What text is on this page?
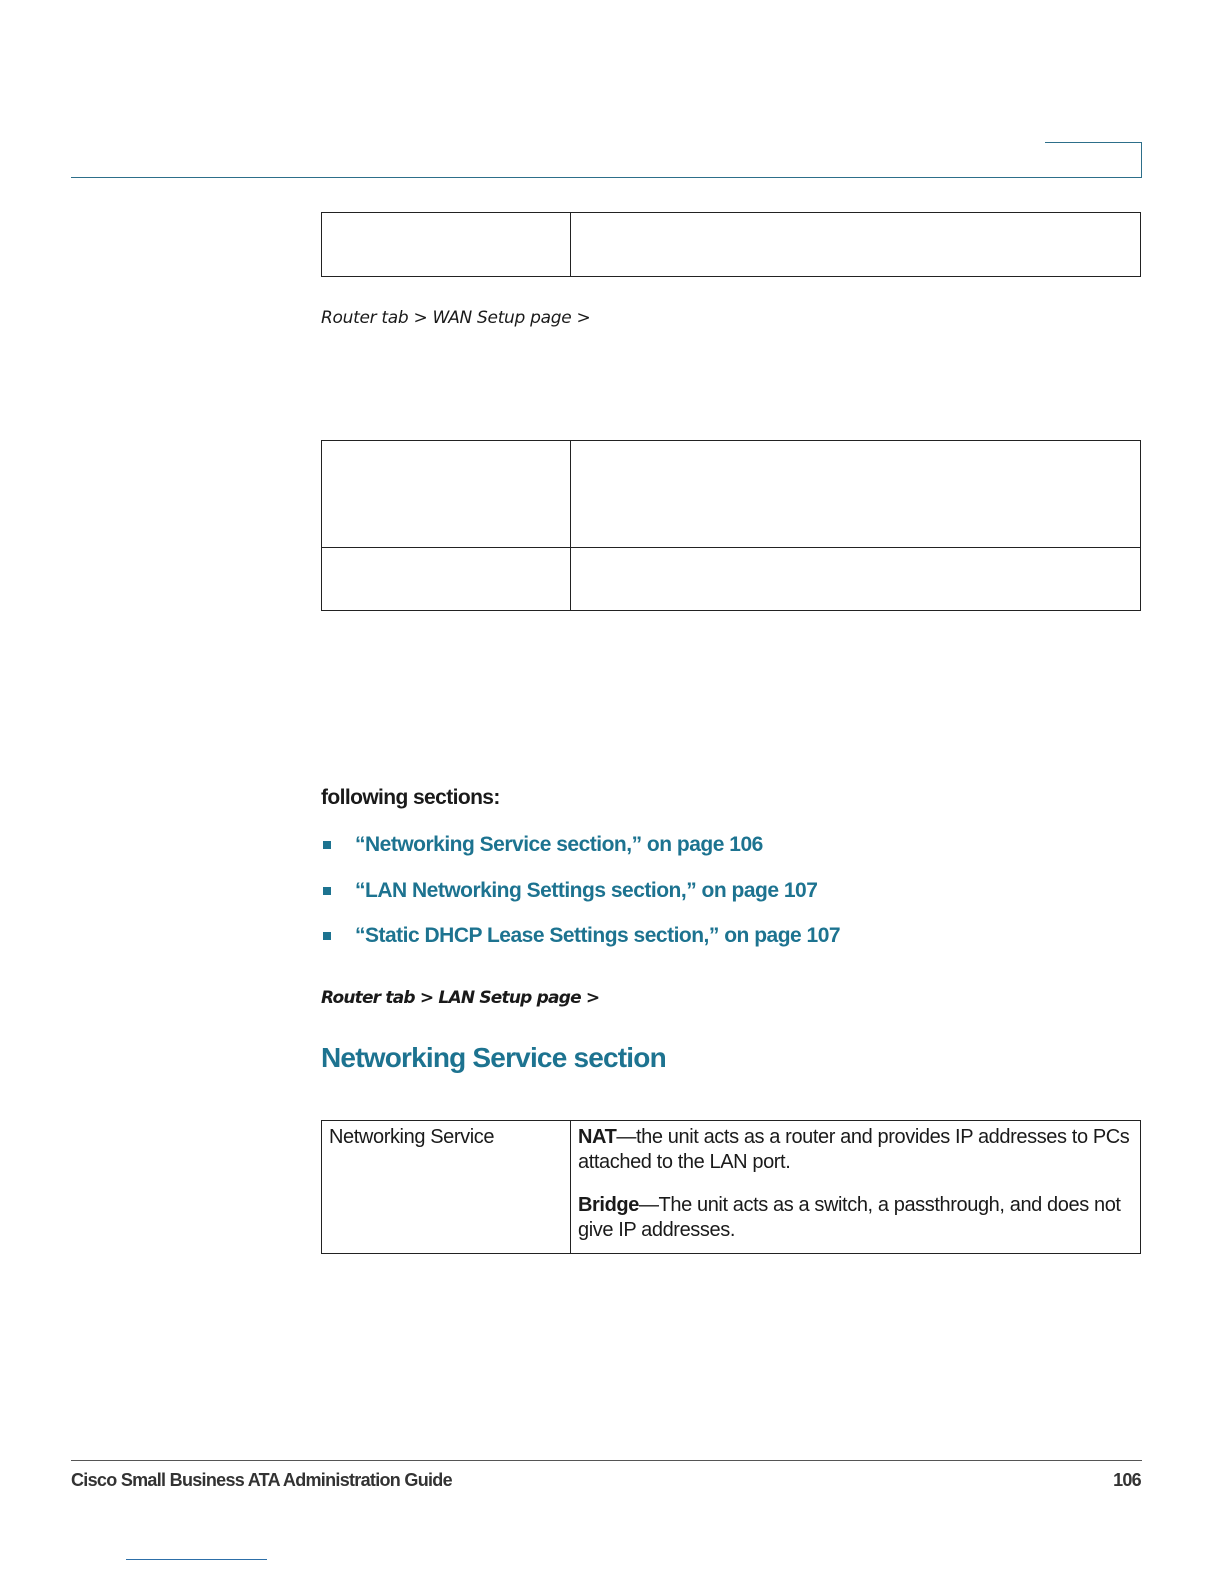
Router tab > WAN Setup page >

following sections:
“Networking Service section,” on page 106
“LAN Networking Settings section,” on page 107
“Static DHCP Lease Settings section,” on page 107
Router tab > LAN Setup page >
Networking Service section
Networking Service	NAT—the unit acts as a router and provides IP addresses to PCs attached to the LAN port.

Bridge—The unit acts as a switch, a passthrough, and does not give IP addresses.

Cisco Small Business ATA Administration Guide	106
